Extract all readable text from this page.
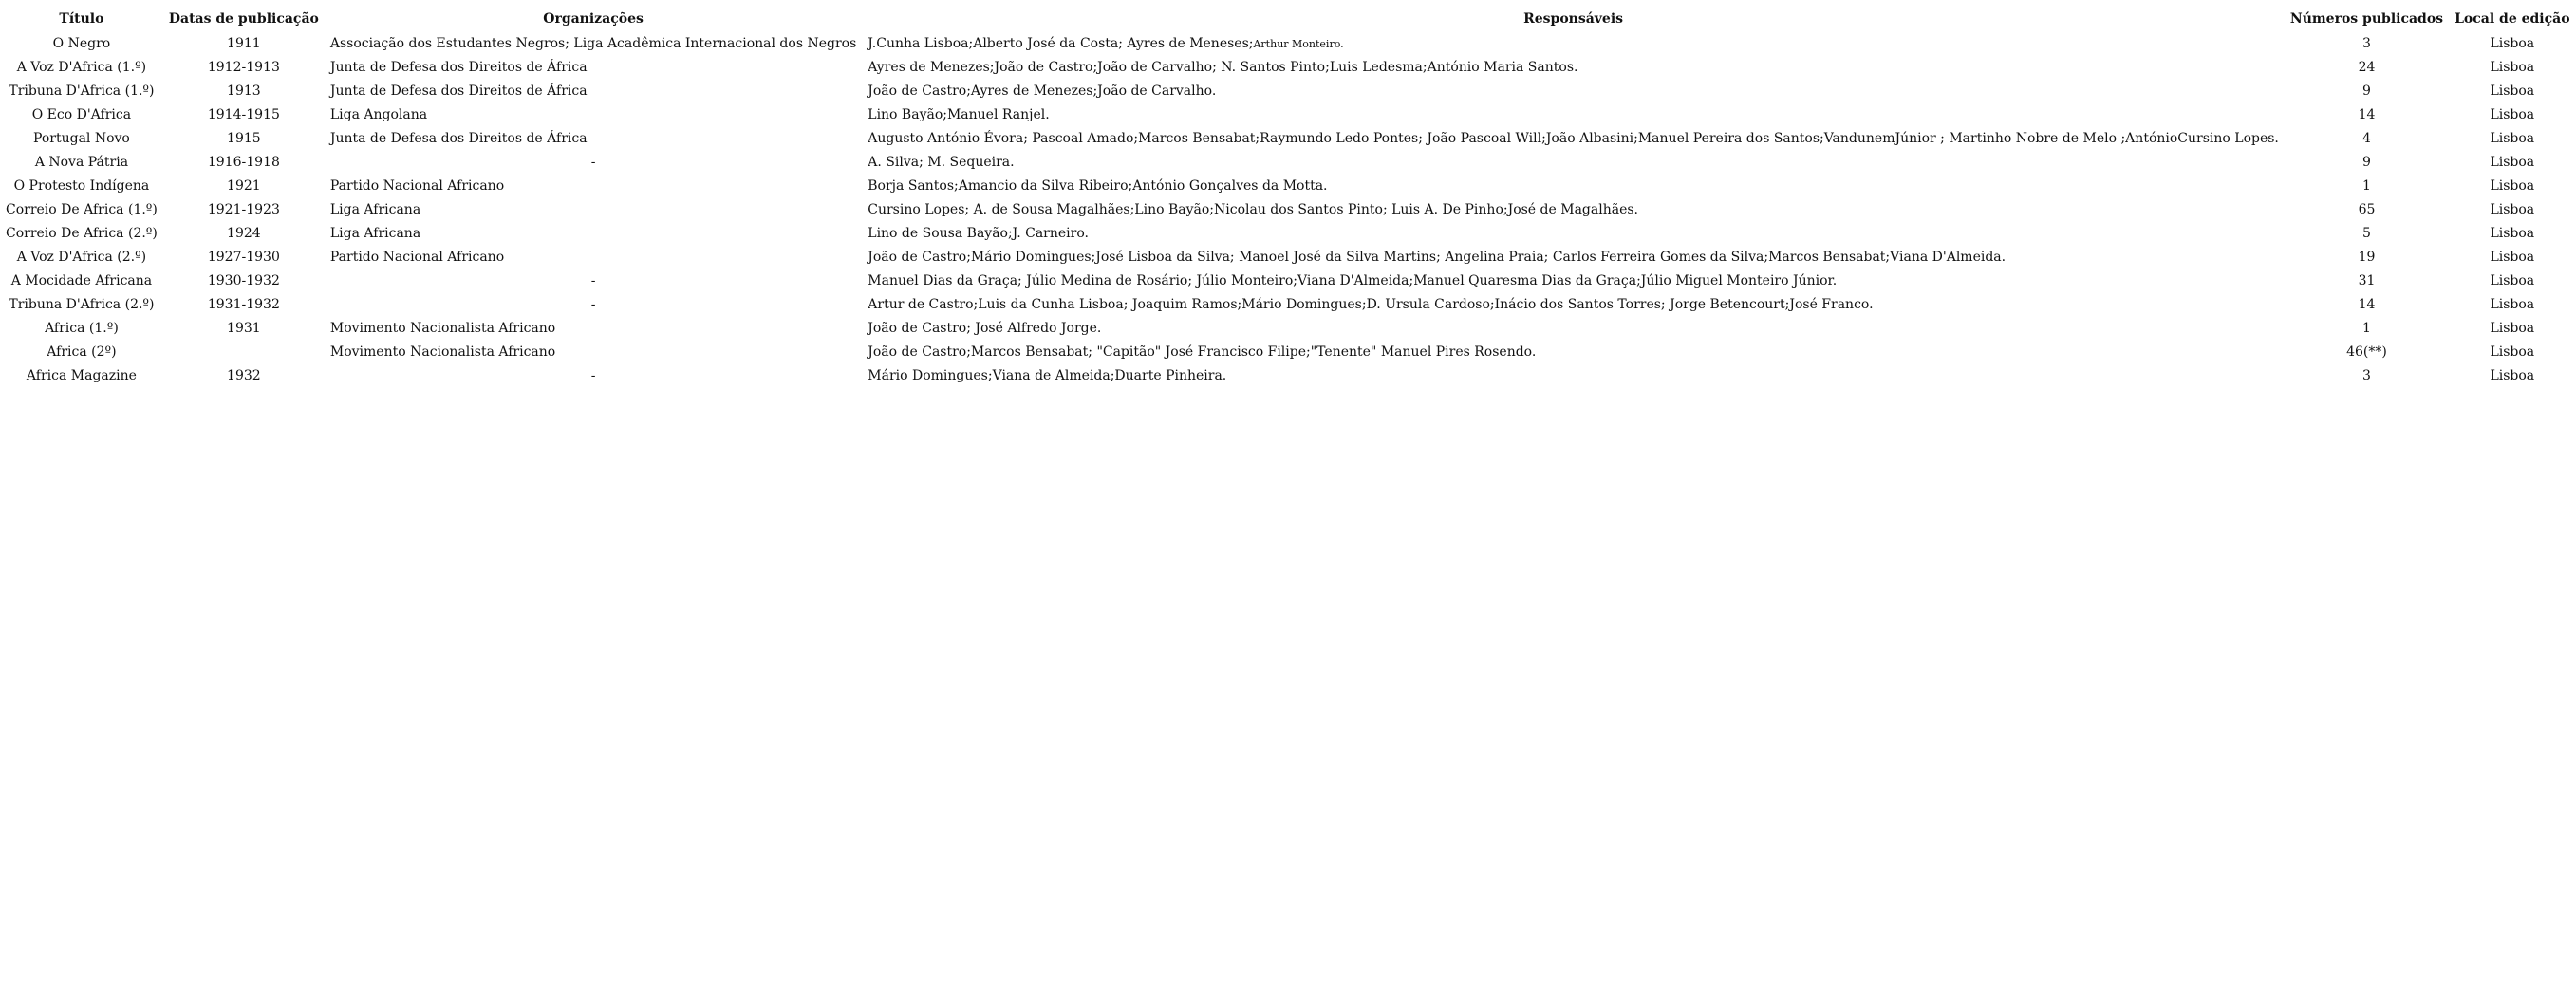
Título	Datas de publicação	Organizações	Responsáveis	Números publicados	Local de edição
O Negro	1911	Associação dos Estudantes Negros; Liga Acadêmica Internacional dos Negros	J.Cunha Lisboa;Alberto José da Costa; Ayres de Meneses;Arthur Monteiro.	3	Lisboa
A Voz D'Africa (1.º)	1912-1913	Junta de Defesa dos Direitos de África	Ayres de Menezes;João de Castro;João de Carvalho; N. Santos Pinto;Luis Ledesma;António Maria Santos.	24	Lisboa
Tribuna D'Africa (1.º)	1913	Junta de Defesa dos Direitos de África	João de Castro;Ayres de Menezes;João de Carvalho.	9	Lisboa
O Eco D'Africa	1914-1915	Liga Angolana	Lino Bayão;Manuel Ranjel.	14	Lisboa
Portugal Novo	1915	Junta de Defesa dos Direitos de África	Augusto António Évora; Pascoal Amado;Marcos Bensabat;Raymundo Ledo Pontes; João Pascoal Will;João Albasini;Manuel Pereira dos Santos;VandunemJúnior ; Martinho Nobre de Melo ;AntónioCursino Lopes.	4	Lisboa
A Nova Pátria	1916-1918	-	A. Silva; M. Sequeira.	9	Lisboa
O Protesto Indígena	1921	Partido Nacional Africano	Borja Santos;Amancio da Silva Ribeiro;António Gonçalves da Motta.	1	Lisboa
Correio De Africa (1.º)	1921-1923	Liga Africana	Cursino Lopes; A. de Sousa Magalhães;Lino Bayão;Nicolau dos Santos Pinto; Luis A. De Pinho;José de Magalhães.	65	Lisboa
Correio De Africa (2.º)	1924	Liga Africana	Lino de Sousa Bayão;J. Carneiro.	5	Lisboa
A Voz D'Africa (2.º)	1927-1930	Partido Nacional Africano	João de Castro;Mário Domingues;José Lisboa da Silva; Manoel José da Silva Martins; Angelina Praia; Carlos Ferreira Gomes da Silva;Marcos Bensabat;Viana D'Almeida.	19	Lisboa
A Mocidade Africana	1930-1932	-	Manuel Dias da Graça; Júlio Medina de Rosário; Júlio Monteiro;Viana D'Almeida;Manuel Quaresma Dias da Graça;Júlio Miguel Monteiro Júnior.	31	Lisboa
Tribuna D'Africa (2.º)	1931-1932	-	Artur de Castro;Luis da Cunha Lisboa; Joaquim Ramos;Mário Domingues;D. Ursula Cardoso;Inácio dos Santos Torres; Jorge Betencourt;José Franco.	14	Lisboa
Africa (1.º)	1931	Movimento Nacionalista Africano	João de Castro; José Alfredo Jorge.	1	Lisboa
Africa (2º)		Movimento Nacionalista Africano	João de Castro;Marcos Bensabat; "Capitão" José Francisco Filipe;"Tenente" Manuel Pires Rosendo.	46(**)	Lisboa
Africa Magazine	1932	-	Mário Domingues;Viana de Almeida;Duarte Pinheira.	3	Lisboa
